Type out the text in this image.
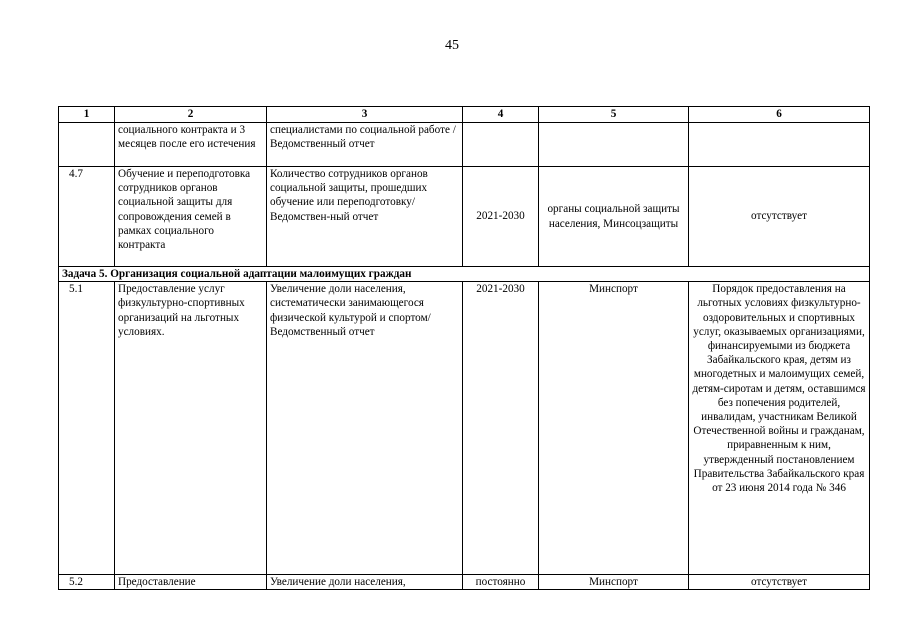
45
1	2	3	4	5	6
	социального контракта и 3 месяцев после его истечения	специалистами по социальной работе /Ведомственный отчет			
4.7	Обучение и переподготовка сотрудников органов социальной защиты для сопровождения семей в рамках социального контракта	Количество сотрудников органов социальной защиты, прошедших обучение или переподготовку/Ведомствен-ный отчет	2021-2030	органы социальной защиты населения, Минсоцзащиты	отсутствует
Задача 5. Организация социальной адаптации малоимущих граждан					
5.1	Предоставление услуг физкультурно-спортивных организаций на льготных условиях.	Увеличение доли населения, систематически занимающегося физической культурой и спортом/Ведомственный отчет	2021-2030	Минспорт	Порядок предоставления на льготных условиях физкультурно-оздоровительных и спортивных услуг, оказываемых организациями, финансируемыми из бюджета Забайкальского края, детям из многодетных и малоимущих семей, детям-сиротам и детям, оставшимся без попечения родителей, инвалидам, участникам Великой Отечественной войны и гражданам, приравненным к ним, утвержденный постановлением Правительства Забайкальского края от 23 июня 2014 года № 346
5.2	Предоставление	Увеличение доли населения,	постоянно	Минспорт	отсутствует
